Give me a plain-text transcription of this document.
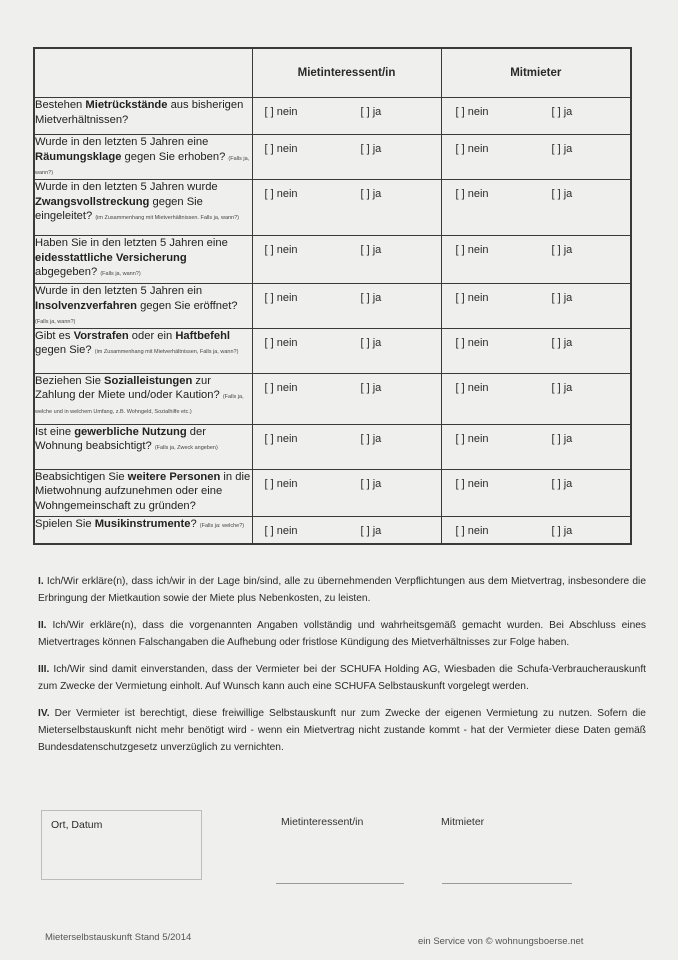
	Mietinteressent/in	Mitmieter
Bestehen Mietrückstände aus bisherigen Mietverhältnissen?	[ ] nein [ ] ja	[ ] nein [ ] ja

Wurde in den letzten 5 Jahren eine Räumungsklage gegen Sie erhoben? (Falls ja, wann?)	[ ] nein [ ] ja	[ ] nein [ ] ja

Wurde in den letzten 5 Jahren wurde Zwangsvollstreckung gegen Sie eingeleitet? (im Zusammenhang mit Mietverhältnissen. Falls ja, wann?)	[ ] nein [ ] ja	[ ] nein [ ] ja

Haben Sie in den letzten 5 Jahren eine eidesstattliche Versicherung abgegeben? (Falls ja, wann?)	[ ] nein [ ] ja	[ ] nein [ ] ja

Wurde in den letzten 5 Jahren ein Insolvenzverfahren gegen Sie eröffnet? (Falls ja, wann?)	[ ] nein [ ] ja	[ ] nein [ ] ja

Gibt es Vorstrafen oder ein Haftbefehl gegen Sie? (im Zusammenhang mit Mietverhältnissen, Falls ja, wann?)	[ ] nein [ ] ja	[ ] nein [ ] ja

Beziehen Sie Sozialleistungen zur Zahlung der Miete und/oder Kaution? (Falls ja, welche und in welchem Umfang, z.B. Wohngeld, Sozialhilfe etc.)	[ ] nein [ ] ja	[ ] nein [ ] ja

Ist eine gewerbliche Nutzung der Wohnung beabsichtigt? (Falls ja, Zweck angeben)	[ ] nein [ ] ja	[ ] nein [ ] ja

Beabsichtigen Sie weitere Personen in die Mietwohnung aufzunehmen oder eine Wohngemeinschaft zu gründen?	[ ] nein [ ] ja	[ ] nein [ ] ja

Spielen Sie Musikinstrumente? (Falls ja: welche?)	[ ] nein [ ] ja	[ ] nein [ ] ja

I. Ich/Wir erkläre(n), dass ich/wir in der Lage bin/sind, alle zu übernehmenden Verpflichtungen aus dem Mietvertrag, insbesondere die Erbringung der Mietkaution sowie der Miete plus Nebenkosten, zu leisten.

II. Ich/Wir erkläre(n), dass die vorgenannten Angaben vollständig und wahrheitsgemäß gemacht wurden. Bei Abschluss eines Mietvertrages können Falschangaben die Aufhebung oder fristlose Kündigung des Mietverhältnisses zur Folge haben.

III. Ich/Wir sind damit einverstanden, dass der Vermieter bei der SCHUFA Holding AG, Wiesbaden die Schufa-Verbraucherauskunft zum Zwecke der Vermietung einholt. Auf Wunsch kann auch eine SCHUFA Selbstauskunft vorgelegt werden.

IV. Der Vermieter ist berechtigt, diese freiwillige Selbstauskunft nur zum Zwecke der eigenen Vermietung zu nutzen. Sofern die Mieterselbstauskunft nicht mehr benötigt wird - wenn ein Mietvertrag nicht zustande kommt - hat der Vermieter diese Daten gemäß Bundesdatenschutzgesetz unverzüglich zu vernichten.

Ort, Datum	Mietinteressent/in	Mitmieter
Mieterselbstauskunft Stand 5/2014	ein Service von © wohnungsboerse.net
